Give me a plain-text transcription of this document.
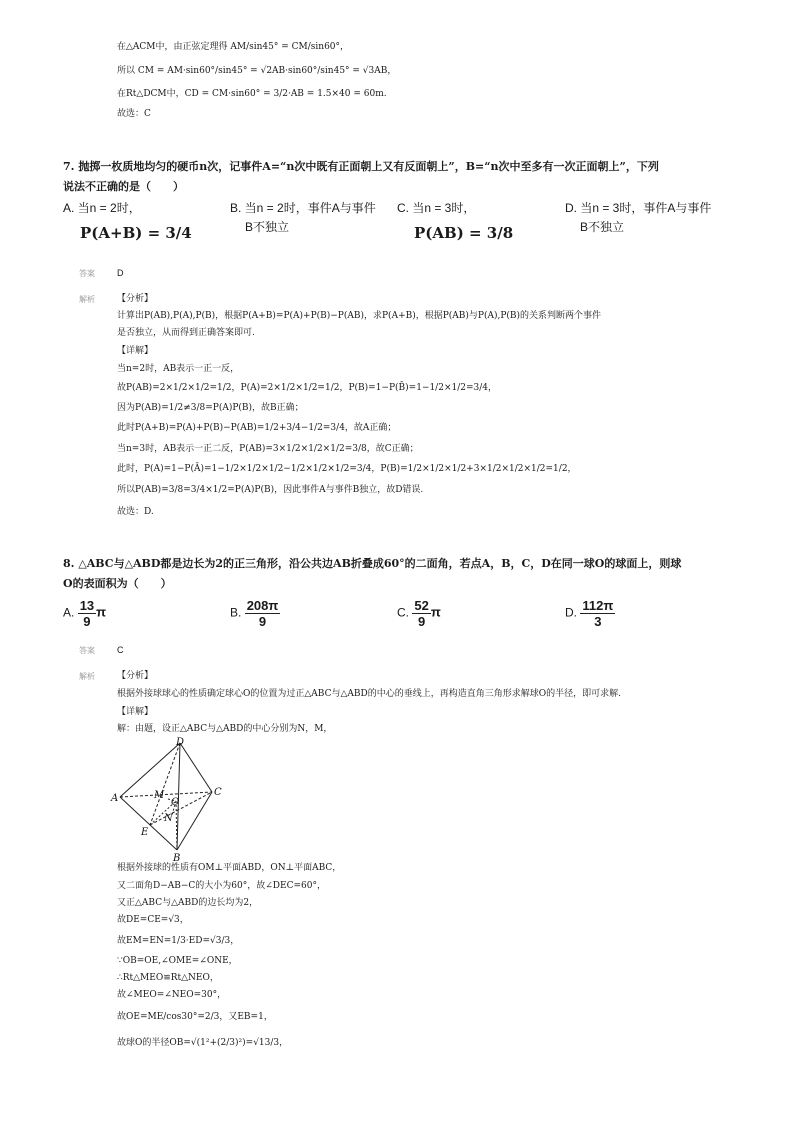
在△ACM中，由正弦定理得 AM/sin45° = CM/sin60°，
所以 CM = AM·sin60°/sin45° = √2AB·sin60°/sin45° = √3AB，
在Rt△DCM中，CD = CM·sin60° = 3/2·AB = 1.5×40 = 60m.
故选：C
7. 抛掷一枚质地均匀的硬币n次，记事件A=“n次中既有正面朝上又有反面朝上”，B=“n次中至多有一次正面朝上”，下列
说法不正确的是（　　）
A. 当n = 2时，
P(A+B) = 3/4
B. 当n = 2时，事件A与事件
B不独立
C. 当n = 3时，
P(AB) = 3/8
D. 当n = 3时，事件A与事件
B不独立
答案 D
解析 【分析】
计算出P(AB),P(A),P(B)，根据P(A+B)=P(A)+P(B)−P(AB)，求P(A+B)，根据P(AB)与P(A),P(B)的关系判断两个事件
是否独立，从而得到正确答案即可.
【详解】
当n=2时，AB表示一正一反，
故P(AB)=2×1/2×1/2=1/2，P(A)=2×1/2×1/2=1/2，P(B)=1−P(B̄)=1−1/2×1/2=3/4，
因为P(AB)=1/2≠3/8=P(A)P(B)，故B正确；
此时P(A+B)=P(A)+P(B)−P(AB)=1/2+3/4−1/2=3/4，故A正确；
当n=3时，AB表示一正二反，P(AB)=3×1/2×1/2×1/2=3/8，故C正确；
此时，P(A)=1−P(Ā)=1−1/2×1/2×1/2−1/2×1/2×1/2=3/4，P(B)=1/2×1/2×1/2+3×1/2×1/2×1/2=1/2，
所以P(AB)=3/8=3/4×1/2=P(A)P(B)，因此事件A与事件B独立，故D错误.
故选：D.
8. △ABC与△ABD都是边长为2的正三角形，沿公共边AB折叠成60°的二面角，若点A，B，C，D在同一球O的球面上，则球
O的表面积为（　　）
A. $\frac{13}{9}$ π	B. $\frac{208\pi}{9}$	C. $\frac{52}{9}$ π	D. $\frac{112\pi}{3}$
答案 C
解析 【分析】
根据外接球球心的性质确定球心O的位置为过正△ABC与△ABD的中心的垂线上，再构造直角三角形求解球O的半径，即可求解.
【详解】
解：由题，设正△ABC与△ABD的中心分别为N，M，
D
A
C
M
O
N
E
B
根据外接球的性质有OM⊥平面ABD，ON⊥平面ABC，
又二面角D−AB−C的大小为60°，故∠DEC=60°，
又正△ABC与△ABD的边长均为2，
故DE=CE=√3，
故EM=EN=1/3·ED=√3/3，
∵OB=OE,∠OME=∠ONE，
∴Rt△MEO≌Rt△NEO，
故∠MEO=∠NEO=30°，
故OE=ME/cos30°=2/3，又EB=1，
故球O的半径OB=√(1²+(2/3)²)=√13/3，
